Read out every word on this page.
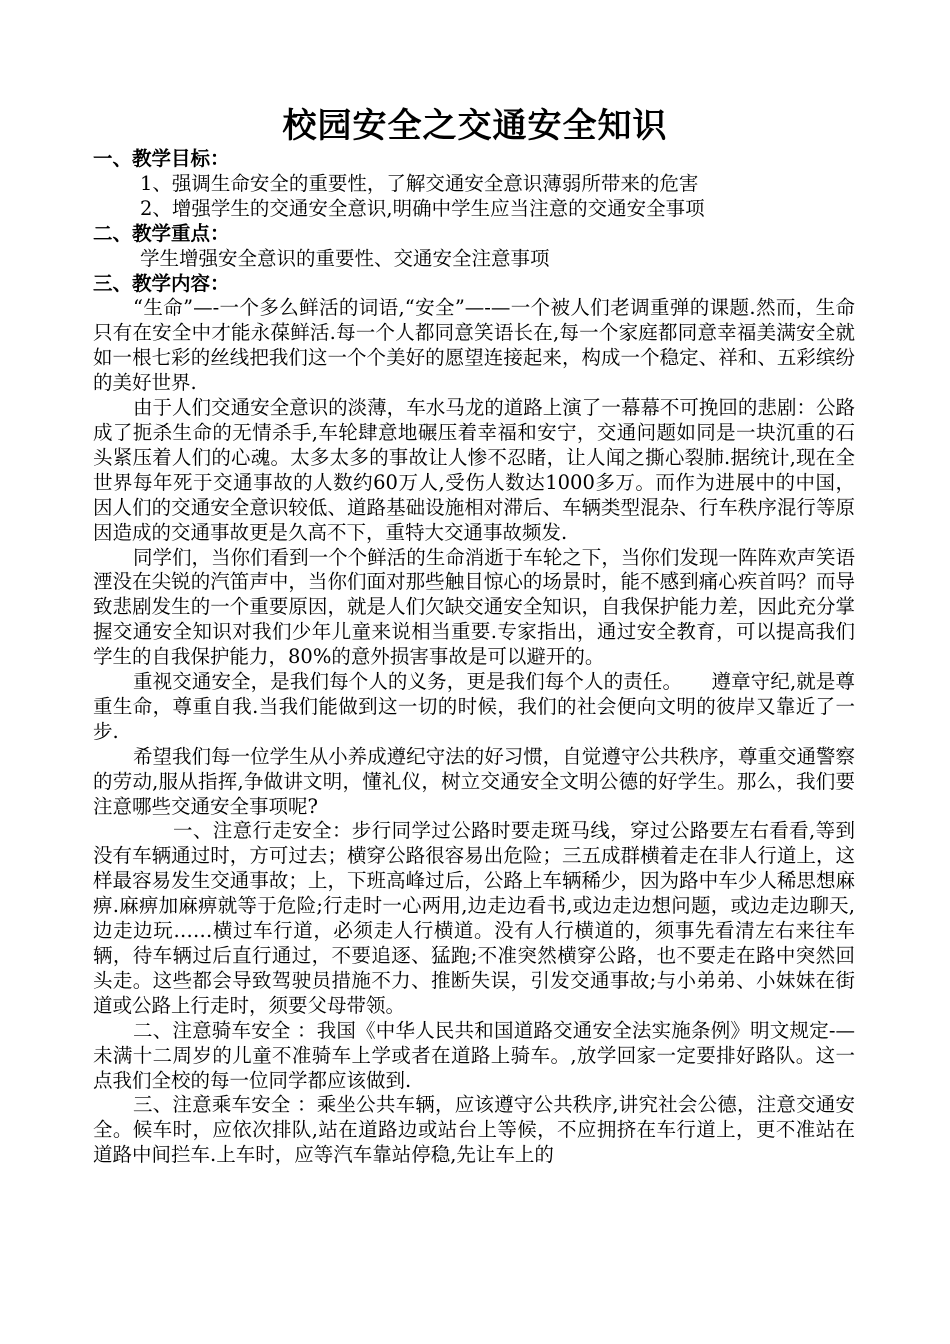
校园安全之交通安全知识

一、教学目标：

1、强调生命安全的重要性，了解交通安全意识薄弱所带来的危害

2、增强学生的交通安全意识,明确中学生应当注意的交通安全事项

二、教学重点：

学生增强安全意识的重要性、交通安全注意事项

三、教学内容：

“生命”—-一个多么鲜活的词语,“安全”—-—一个被人们老调重弹的课题.然而，生命只有在安全中才能永葆鲜活.每一个人都同意笑语长在,每一个家庭都同意幸福美满安全就如一根七彩的丝线把我们这一个个美好的愿望连接起来，构成一个稳定、祥和、五彩缤纷的美好世界.

由于人们交通安全意识的淡薄，车水马龙的道路上演了一幕幕不可挽回的悲剧：公路成了扼杀生命的无情杀手,车轮肆意地碾压着幸福和安宁，交通问题如同是一块沉重的石头紧压着人们的心魂。太多太多的事故让人惨不忍睹，让人闻之撕心裂肺.据统计,现在全世界每年死于交通事故的人数约60万人,受伤人数达1000多万。而作为进展中的中国，因人们的交通安全意识较低、道路基础设施相对滞后、车辆类型混杂、行车秩序混行等原因造成的交通事故更是久高不下，重特大交通事故频发.

同学们，当你们看到一个个鲜活的生命消逝于车轮之下，当你们发现一阵阵欢声笑语湮没在尖锐的汽笛声中，当你们面对那些触目惊心的场景时，能不感到痛心疾首吗？而导致悲剧发生的一个重要原因，就是人们欠缺交通安全知识，自我保护能力差，因此充分掌握交通安全知识对我们少年儿童来说相当重要.专家指出，通过安全教育，可以提高我们学生的自我保护能力，80%的意外损害事故是可以避开的。

重视交通安全，是我们每个人的义务，更是我们每个人的责任。　　遵章守纪,就是尊重生命，尊重自我.当我们能做到这一切的时候，我们的社会便向文明的彼岸又靠近了一步.

希望我们每一位学生从小养成遵纪守法的好习惯，自觉遵守公共秩序，尊重交通警察的劳动,服从指挥,争做讲文明，懂礼仪，树立交通安全文明公德的好学生。那么，我们要注意哪些交通安全事项呢?

一、注意行走安全：步行同学过公路时要走斑马线，穿过公路要左右看看,等到没有车辆通过时，方可过去；横穿公路很容易出危险；三五成群横着走在非人行道上，这样最容易发生交通事故；上，下班高峰过后，公路上车辆稀少，因为路中车少人稀思想麻痹.麻痹加麻痹就等于危险;行走时一心两用,边走边看书,或边走边想问题，或边走边聊天,边走边玩……横过车行道，必须走人行横道。没有人行横道的，须事先看清左右来往车辆，待车辆过后直行通过，不要追逐、猛跑;不准突然横穿公路，也不要走在路中突然回头走。这些都会导致驾驶员措施不力、推断失误，引发交通事故;与小弟弟、小妹妹在街道或公路上行走时，须要父母带领。

二、注意骑车安全 ：我国《中华人民共和国道路交通安全法实施条例》明文规定-—未满十二周岁的儿童不准骑车上学或者在道路上骑车。,放学回家一定要排好路队。这一点我们全校的每一位同学都应该做到.

三、注意乘车安全 ：乘坐公共车辆，应该遵守公共秩序,讲究社会公德，注意交通安全。候车时，应依次排队,站在道路边或站台上等候，不应拥挤在车行道上，更不准站在道路中间拦车.上车时，应等汽车靠站停稳,先让车上的
